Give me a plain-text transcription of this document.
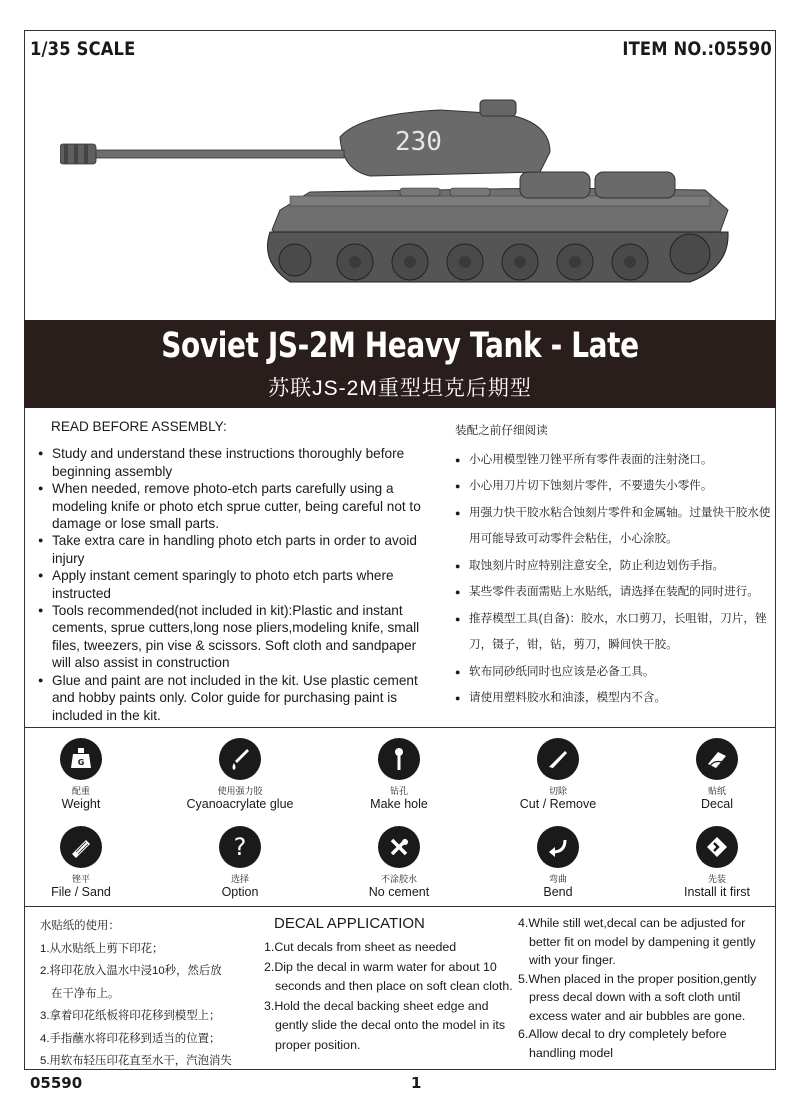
1/35 SCALE	ITEM NO.:05590
230
Soviet JS-2M Heavy Tank - Late
苏联JS-2M重型坦克后期型
READ BEFORE ASSEMBLY:
● Study and understand these instructions thoroughly before beginning assembly
● When needed, remove photo-etch parts carefully using a modeling knife or photo etch sprue cutter, being careful not to damage or lose small parts.
● Take extra care in handling photo etch parts in order to avoid injury
● Apply instant cement sparingly to photo etch parts where instructed
● Tools recommended(not included in kit):Plastic and instant cements, sprue cutters,long nose pliers,modeling knife, small files, tweezers, pin vise & scissors. Soft cloth and sandpaper will also assist in construction
● Glue and paint are not included in the kit. Use plastic cement and hobby paints only. Color guide for purchasing paint is included in the kit.
装配之前仔细阅读
● 小心用模型锉刀锉平所有零件表面的注射浇口。
● 小心用刀片切下蚀刻片零件，不要遗失小零件。
● 用强力快干胶水粘合蚀刻片零件和金属轴。过量快干胶水使用可能导致可动零件会粘住，小心涂胶。
● 取蚀刻片时应特别注意安全，防止利边划伤手指。
● 某些零件表面需贴上水贴纸，请选择在装配的同时进行。
● 推荐模型工具(自备)：胶水，水口剪刀，长咀钳，刀片，锉刀，镊子，钳，钻，剪刀，瞬间快干胶。
● 软布同砂纸同时也应该是必备工具。
● 请使用塑料胶水和油漆，模型内不含。
G
配重
Weight
使用强力胶
Cyanoacrylate glue
钻孔
Make hole
切除
Cut / Remove
贴纸
Decal
锉平
File / Sand
?
选择
Option
不涂胶水
No cement
弯曲
Bend
先装
Install it first
水贴纸的使用：
1.从水贴纸上剪下印花；
2.将印花放入温水中浸10秒，然后放在干净布上。
3.拿着印花纸板将印花移到模型上；
4.手指蘸水将印花移到适当的位置；
5.用软布轻压印花直至水干，汽泡消失
DECAL APPLICATION
1.Cut decals from sheet as needed
2.Dip the decal in warm water for about 10 seconds and then place on soft clean cloth.
3.Hold the decal backing sheet edge and gently slide the decal onto the model in its proper position.
4.While still wet,decal can be adjusted for better fit on model by dampening it gently with your finger.
5.When placed in the proper position,gently press decal down with a soft cloth until excess water and air bubbles are gone.
6.Allow decal to dry completely before handling model
05590	1
